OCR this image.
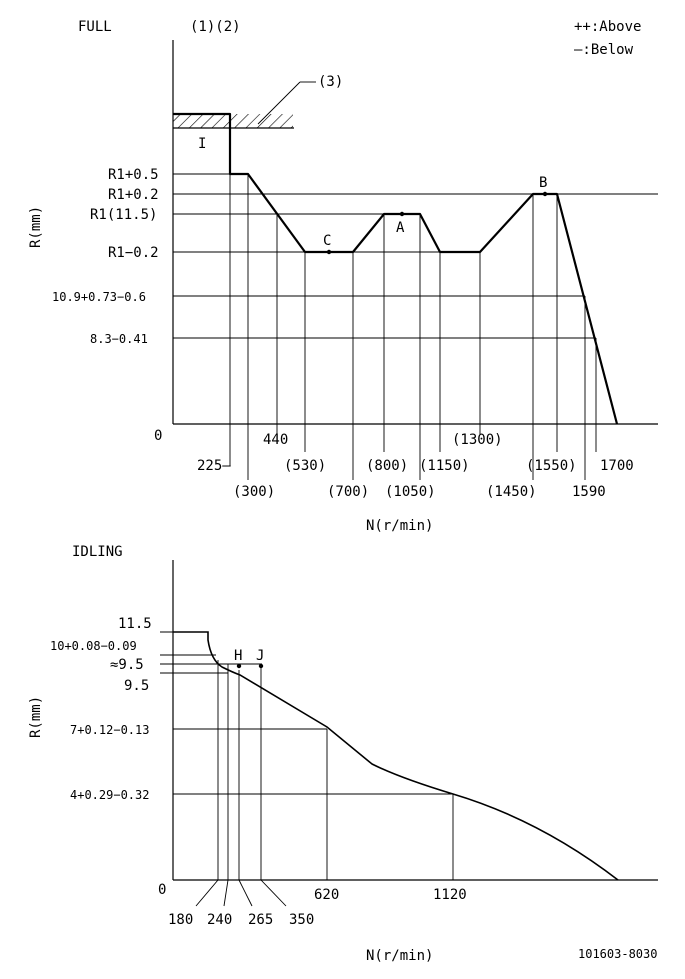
FULL	(1)(2)	++:Above
—:Below
0
R(mm)
N(r/min)
(3)
I
R1+0.5
R1+0.2
R1(11.5)
R1−0.2
10.9+0.73−0.6
8.3−0.41
225—
(300)
440
(530)
(700)
(800)
(1050)
(1150)
(1300)
(1450)
(1550)
1590
1700
C
A
B
IDLING
0
R(mm)
N(r/min)
11.5
10+0.08−0.09
≈9.5
9.5
7+0.12−0.13
4+0.29−0.32
180 240 265 350
620	1120
H J
101603-8030
